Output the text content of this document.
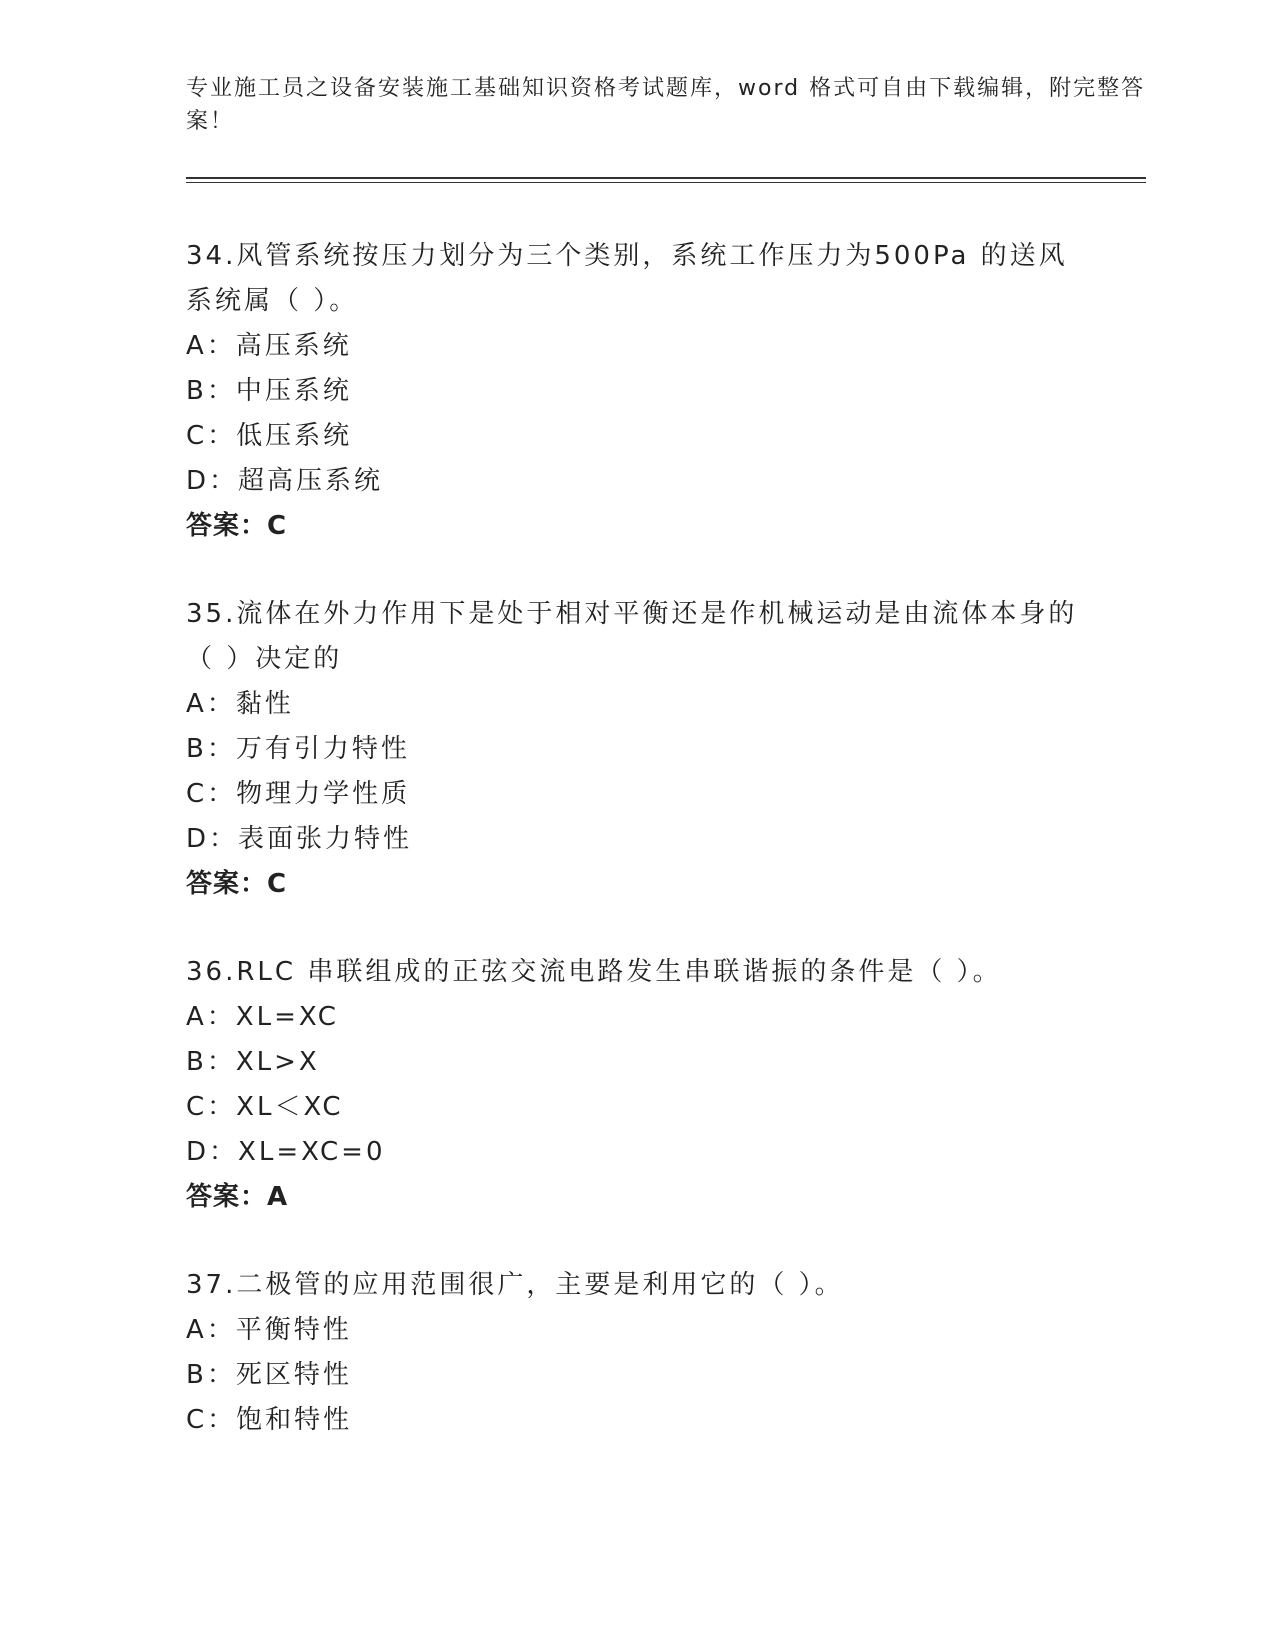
专业施工员之设备安装施工基础知识资格考试题库，word 格式可自由下载编辑，附完整答案！

34.风管系统按压力划分为三个类别，系统工作压力为500Pa 的送风系统属（ ）。

A：高压系统
B：中压系统
C：低压系统
D：超高压系统
答案：C

35.流体在外力作用下是处于相对平衡还是作机械运动是由流体本身的（ ）决定的

A：黏性
B：万有引力特性
C：物理力学性质
D：表面张力特性
答案：C

36.RLC 串联组成的正弦交流电路发生串联谐振的条件是（ ）。

A：XL=XC
B：XL>X
C：XL＜XC
D：XL=XC=0
答案：A

37.二极管的应用范围很广，主要是利用它的（ ）。

A：平衡特性
B：死区特性
C：饱和特性
